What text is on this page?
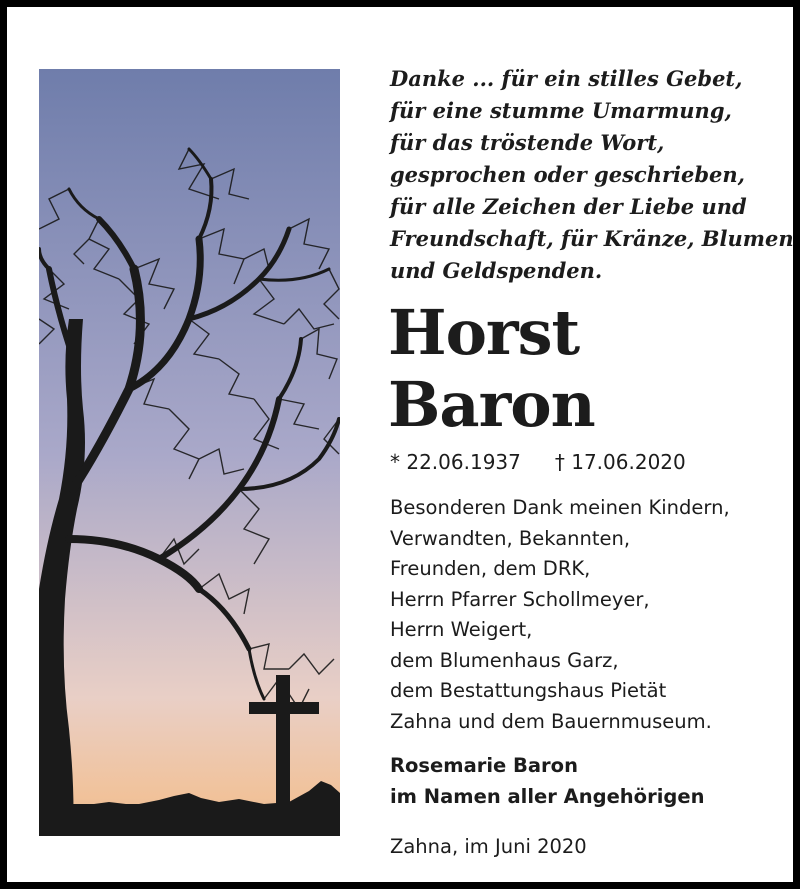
Danke ... für ein stilles Gebet,
für eine stumme Umarmung,
für das tröstende Wort,
gesprochen oder geschrieben,
für alle Zeichen der Liebe und
Freundschaft, für Kränze, Blumen
und Geldspenden.
Horst
Baron
* 22.06.1937 † 17.06.2020
Besonderen Dank meinen Kindern,
Verwandten, Bekannten,
Freunden, dem DRK,
Herrn Pfarrer Schollmeyer,
Herrn Weigert,
dem Blumenhaus Garz,
dem Bestattungshaus Pietät
Zahna und dem Bauernmuseum.
Rosemarie Baron
im Namen aller Angehörigen
Zahna, im Juni 2020
